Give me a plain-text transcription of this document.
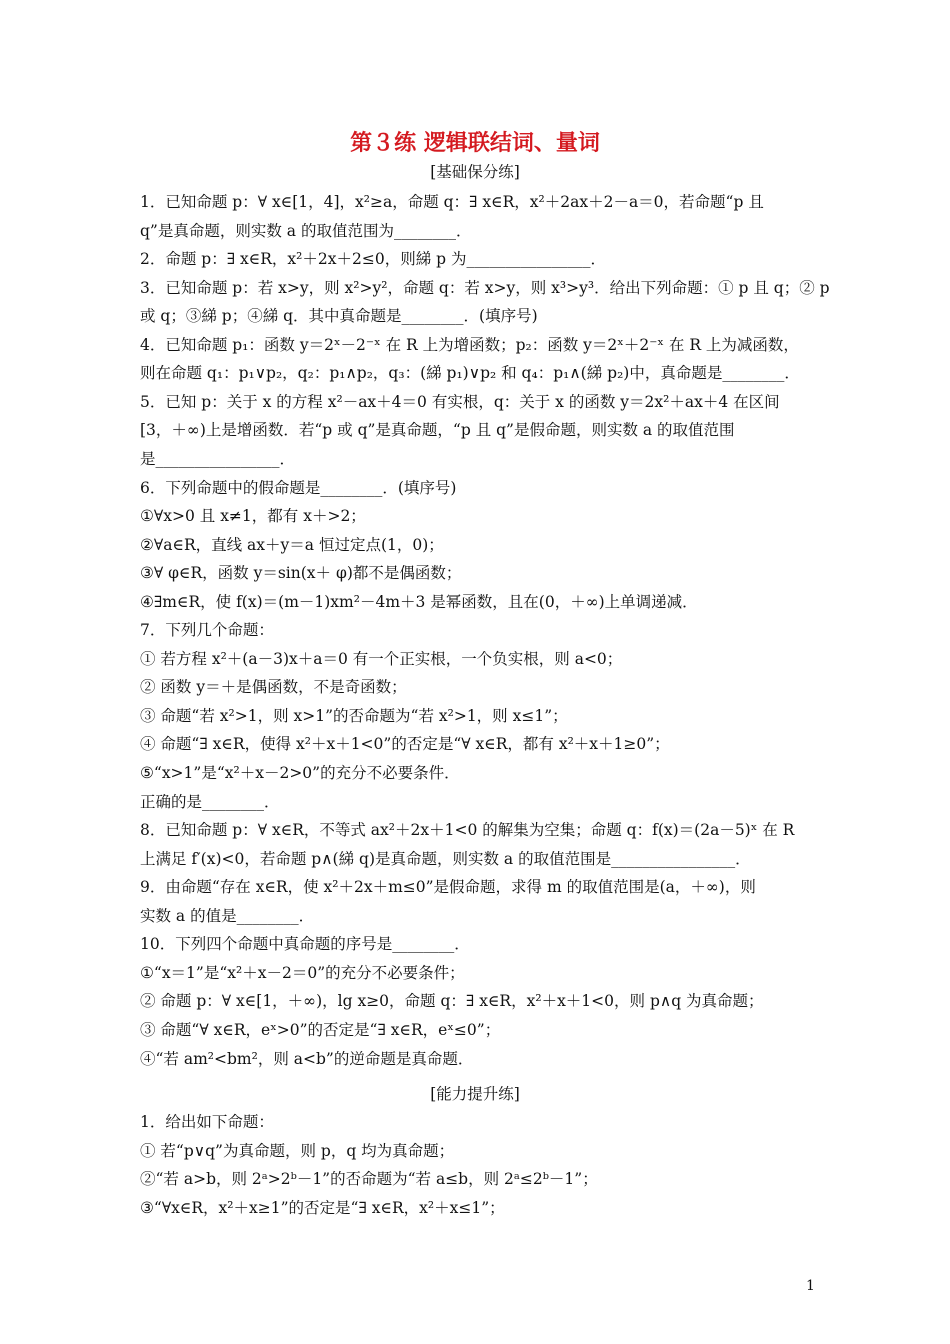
第３练 逻辑联结词、量词
[基础保分练]
1．已知命题 p：∀ x∈[1，4]，x²≥a，命题 q：∃ x∈R，x²＋2ax＋2－a＝0，若命题“p 且
q”是真命题，则实数 a 的取值范围为________．
2．命题 p：∃ x∈R，x²＋2x＋2≤0，则綈 p 为________________．
3．已知命题 p：若 x>y，则 x²>y²，命题 q：若 x>y，则 x³>y³．给出下列命题：① p 且 q；② p
或 q；③綈 p；④綈 q．其中真命题是________．(填序号)
4．已知命题 p₁：函数 y＝2ˣ－2⁻ˣ 在 R 上为增函数；p₂：函数 y＝2ˣ＋2⁻ˣ 在 R 上为减函数，
则在命题 q₁：p₁∨p₂，q₂：p₁∧p₂，q₃：(綈 p₁)∨p₂ 和 q₄：p₁∧(綈 p₂)中，真命题是________．
5．已知 p：关于 x 的方程 x²－ax＋4＝0 有实根，q：关于 x 的函数 y＝2x²＋ax＋4 在区间
[3，＋∞)上是增函数．若“p 或 q”是真命题，“p 且 q”是假命题，则实数 a 的取值范围
是________________．
6．下列命题中的假命题是________．(填序号)
①∀x>0 且 x≠1，都有 x＋>2；
②∀a∈R，直线 ax＋y＝a 恒过定点(1，0)；
③∀ φ∈R，函数 y＝sin(x＋ φ)都不是偶函数；
④∃m∈R，使 f(x)＝(m－1)xm²－4m＋3 是幂函数，且在(0，＋∞)上单调递减．
7．下列几个命题：
① 若方程 x²＋(a－3)x＋a＝0 有一个正实根，一个负实根，则 a<0；
② 函数 y＝＋是偶函数，不是奇函数；
③ 命题“若 x²>1，则 x>1”的否命题为“若 x²>1，则 x≤1”；
④ 命题“∃ x∈R，使得 x²＋x＋1<0”的否定是“∀ x∈R，都有 x²＋x＋1≥0”；
⑤“x>1”是“x²＋x－2>0”的充分不必要条件．
正确的是________．
8．已知命题 p：∀ x∈R，不等式 ax²＋2x＋1<0 的解集为空集；命题 q：f(x)＝(2a－5)ˣ 在 R
上满足 f′(x)<0，若命题 p∧(綈 q)是真命题，则实数 a 的取值范围是________________．
9．由命题“存在 x∈R，使 x²＋2x＋m≤0”是假命题，求得 m 的取值范围是(a，＋∞)，则
实数 a 的值是________．
10．下列四个命题中真命题的序号是________．
①“x＝1”是“x²＋x－2＝0”的充分不必要条件；
② 命题 p：∀ x∈[1，＋∞)，lg x≥0，命题 q：∃ x∈R，x²＋x＋1<0，则 p∧q 为真命题；
③ 命题“∀ x∈R，eˣ>0”的否定是“∃ x∈R，eˣ≤0”；
④“若 am²<bm²，则 a<b”的逆命题是真命题．
[能力提升练]
1．给出如下命题：
① 若“p∨q”为真命题，则 p，q 均为真命题；
②“若 a>b，则 2ᵃ>2ᵇ－1”的否命题为“若 a≤b，则 2ᵃ≤2ᵇ－1”；
③“∀x∈R，x²＋x≥1”的否定是“∃ x∈R，x²＋x≤1”；
1
